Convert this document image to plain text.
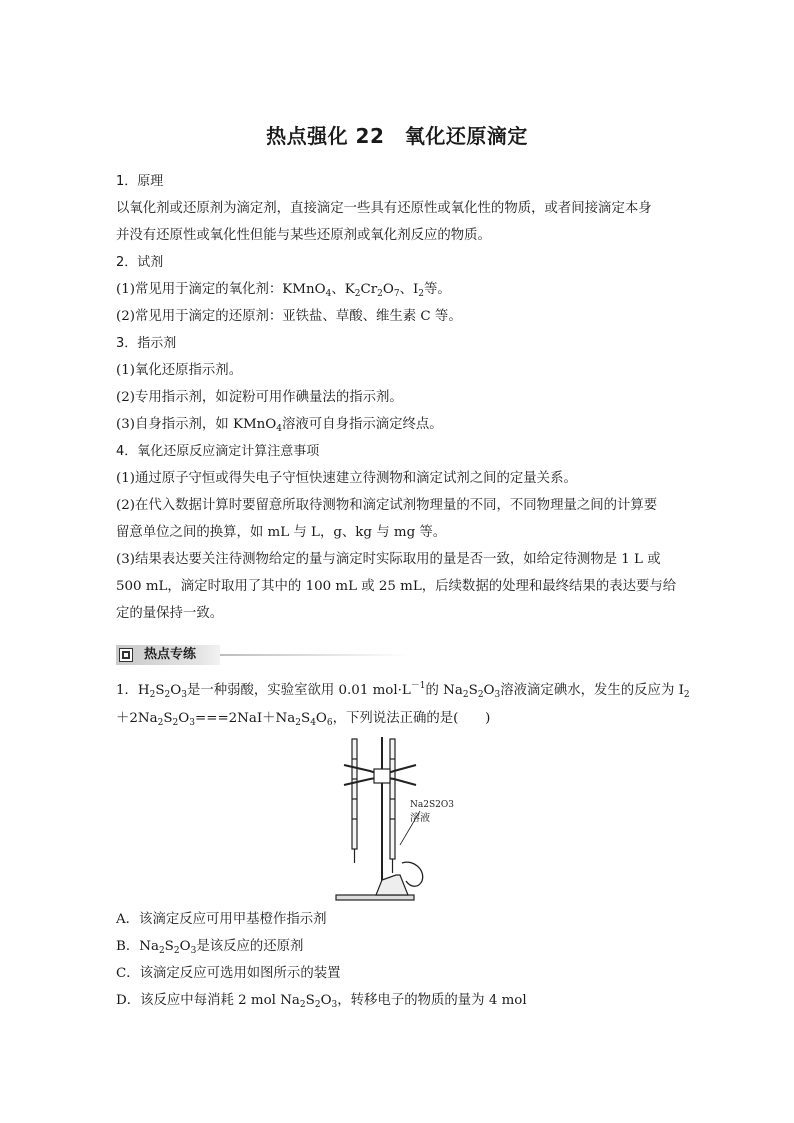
热点强化 22　氧化还原滴定
1．原理
以氧化剂或还原剂为滴定剂，直接滴定一些具有还原性或氧化性的物质，或者间接滴定本身
并没有还原性或氧化性但能与某些还原剂或氧化剂反应的物质。
2．试剂
(1)常见用于滴定的氧化剂：KMnO$_4$、$K_2Cr_2O_7$、$I_2$等。
(2)常见用于滴定的还原剂：亚铁盐、草酸、维生素 C 等。
3．指示剂
(1)氧化还原指示剂。
(2)专用指示剂，如淀粉可用作碘量法的指示剂。
(3)自身指示剂，如 KMnO$_4$溶液可自身指示滴定终点。
4．氧化还原反应滴定计算注意事项
(1)通过原子守恒或得失电子守恒快速建立待测物和滴定试剂之间的定量关系。
(2)在代入数据计算时要留意所取待测物和滴定试剂物理量的不同，不同物理量之间的计算要
留意单位之间的换算，如 mL 与 L，g、kg 与 mg 等。
(3)结果表达要关注待测物给定的量与滴定时实际取用的量是否一致，如给定待测物是 1 L 或
500 mL，滴定时取用了其中的 100 mL 或 25 mL，后续数据的处理和最终结果的表达要与给
定的量保持一致。
热点专练
1．$H_2S_2O_3$是一种弱酸，实验室欲用 0.01 $mol\cdot L^{-1}$的 $Na_2S_2O_3$溶液滴定碘水，发生的反应为 $I_2$
$+2Na_2S_2O_3===2NaI+Na_2S_4O_6$，下列说法正确的是(　　)
Na2S2O3
溶液
A．该滴定反应可用甲基橙作指示剂
B．$Na_2S_2O_3$是该反应的还原剂
C．该滴定反应可选用如图所示的装置
D．该反应中每消耗 2 mol $Na_2S_2O_3$，转移电子的物质的量为 4 mol
